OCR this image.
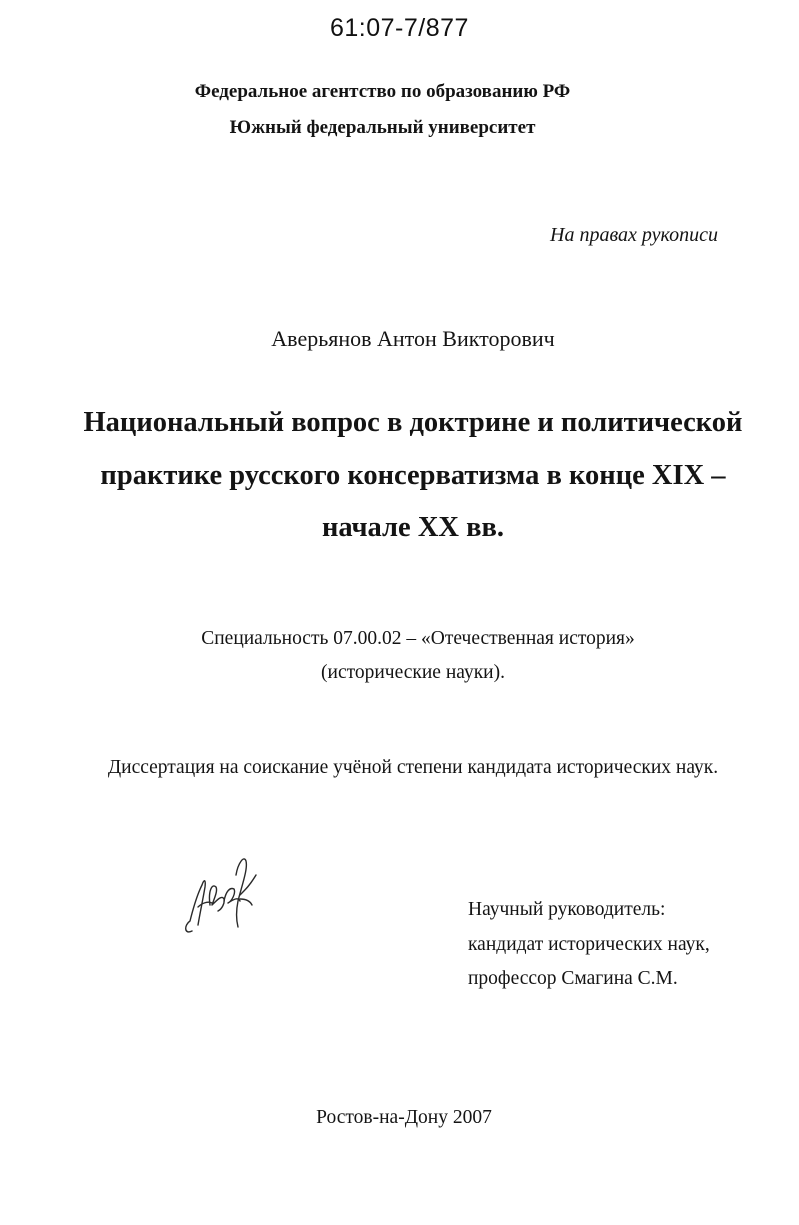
61:07-7/877
Федеральное агентство по образованию РФ
Южный федеральный университет
На правах рукописи
Аверьянов Антон Викторович
Национальный вопрос в доктрине и политической
практике русского консерватизма в конце XIX –
начале XX вв.
Специальность 07.00.02 – «Отечественная история»
(исторические науки).
Диссертация на соискание учёной степени кандидата исторических наук.
Научный руководитель:
кандидат исторических наук,
профессор Смагина С.М.
Ростов-на-Дону 2007
